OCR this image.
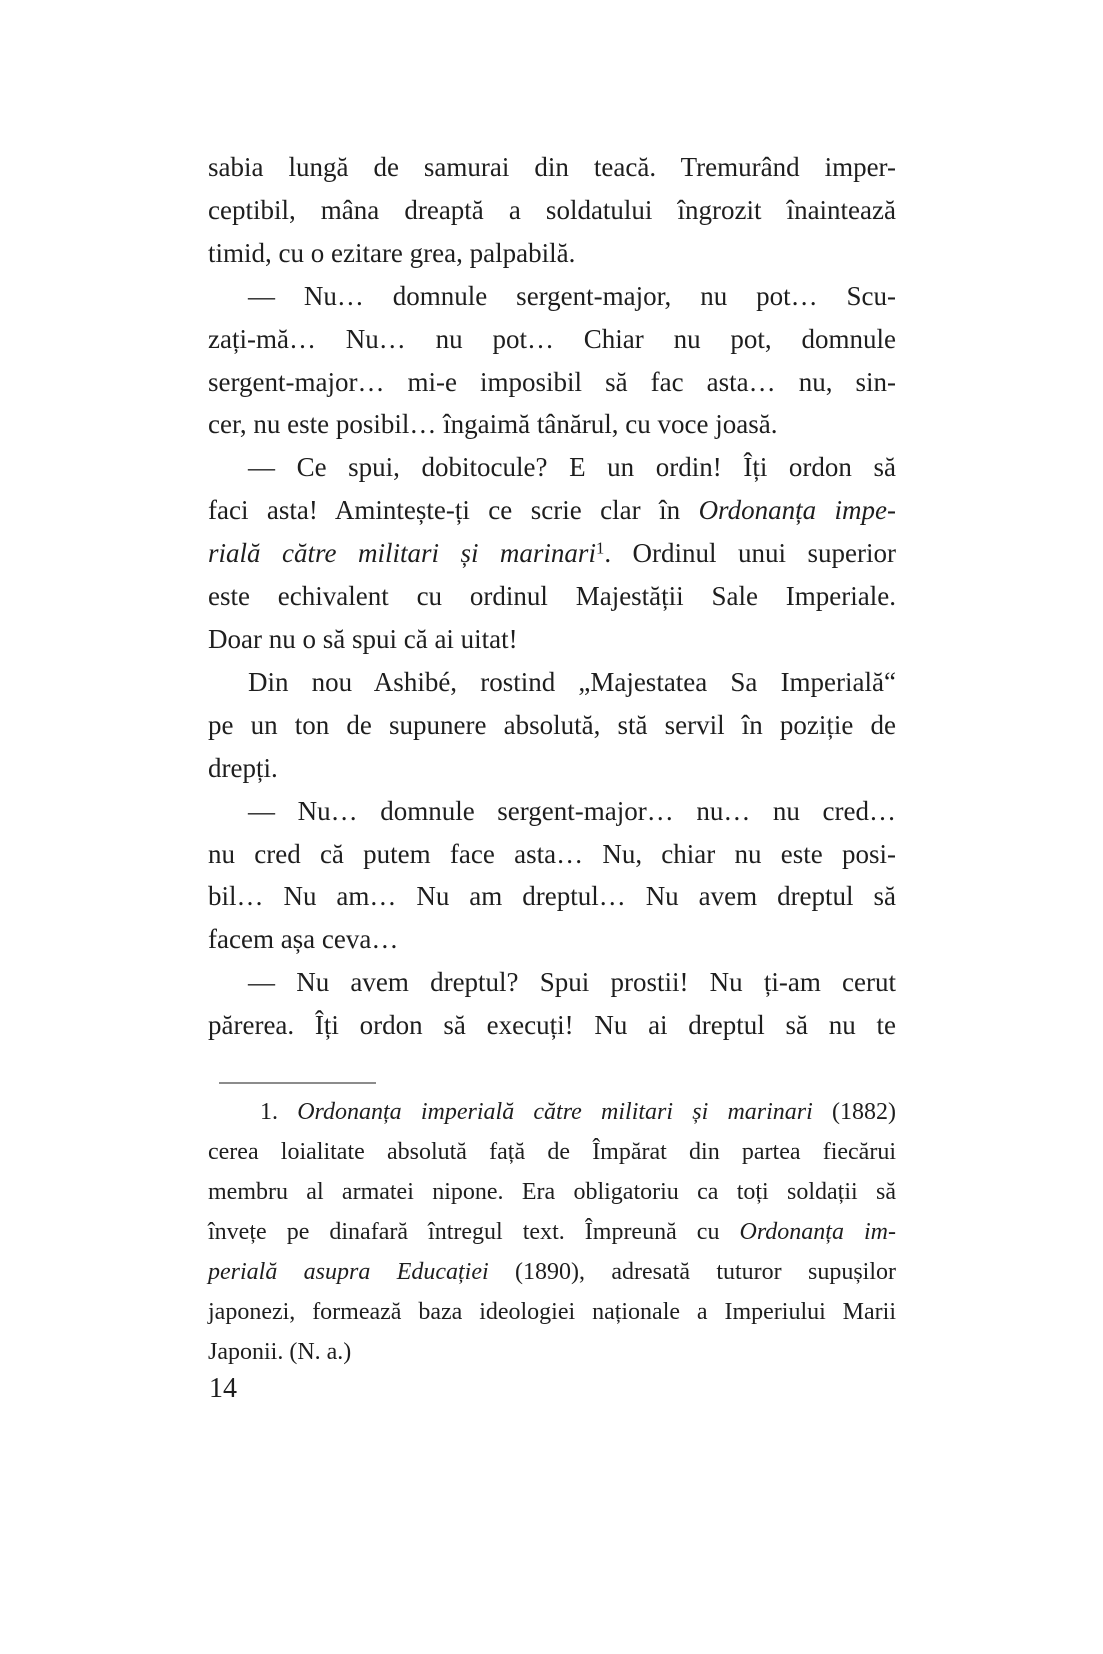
sabia lungă de samurai din teacă. Tremurând imper-
ceptibil, mâna dreaptă a soldatului îngrozit înaintează
timid, cu o ezitare grea, palpabilă.
— Nu… domnule sergent-major, nu pot… Scu-
zați-mă… Nu… nu pot… Chiar nu pot, domnule
sergent-major… mi-e imposibil să fac asta… nu, sin-
cer, nu este posibil… îngaimă tânărul, cu voce joasă.
— Ce spui, dobitocule? E un ordin! Îți ordon să
faci asta! Amintește-ți ce scrie clar în Ordonanța impe-
rială către militari și marinari$^1$. Ordinul unui superior
este echivalent cu ordinul Majestății Sale Imperiale.
Doar nu o să spui că ai uitat!
Din nou Ashibé, rostind „Majestatea Sa Imperială“
pe un ton de supunere absolută, stă servil în poziție de
drepți.
— Nu… domnule sergent-major… nu… nu cred…
nu cred că putem face asta… Nu, chiar nu este posi-
bil… Nu am… Nu am dreptul… Nu avem dreptul să
facem așa ceva…
— Nu avem dreptul? Spui prostii! Nu ți-am cerut
părerea. Îți ordon să execuți! Nu ai dreptul să nu te
1. Ordonanța imperială către militari și marinari (1882)
cerea loialitate absolută față de Împărat din partea fiecărui
membru al armatei nipone. Era obligatoriu ca toți soldații să
învețe pe dinafară întregul text. Împreună cu Ordonanța im-
perială asupra Educației (1890), adresată tuturor supușilor
japonezi, formează baza ideologiei naționale a Imperiului Marii
Japonii. (N. a.)
14
